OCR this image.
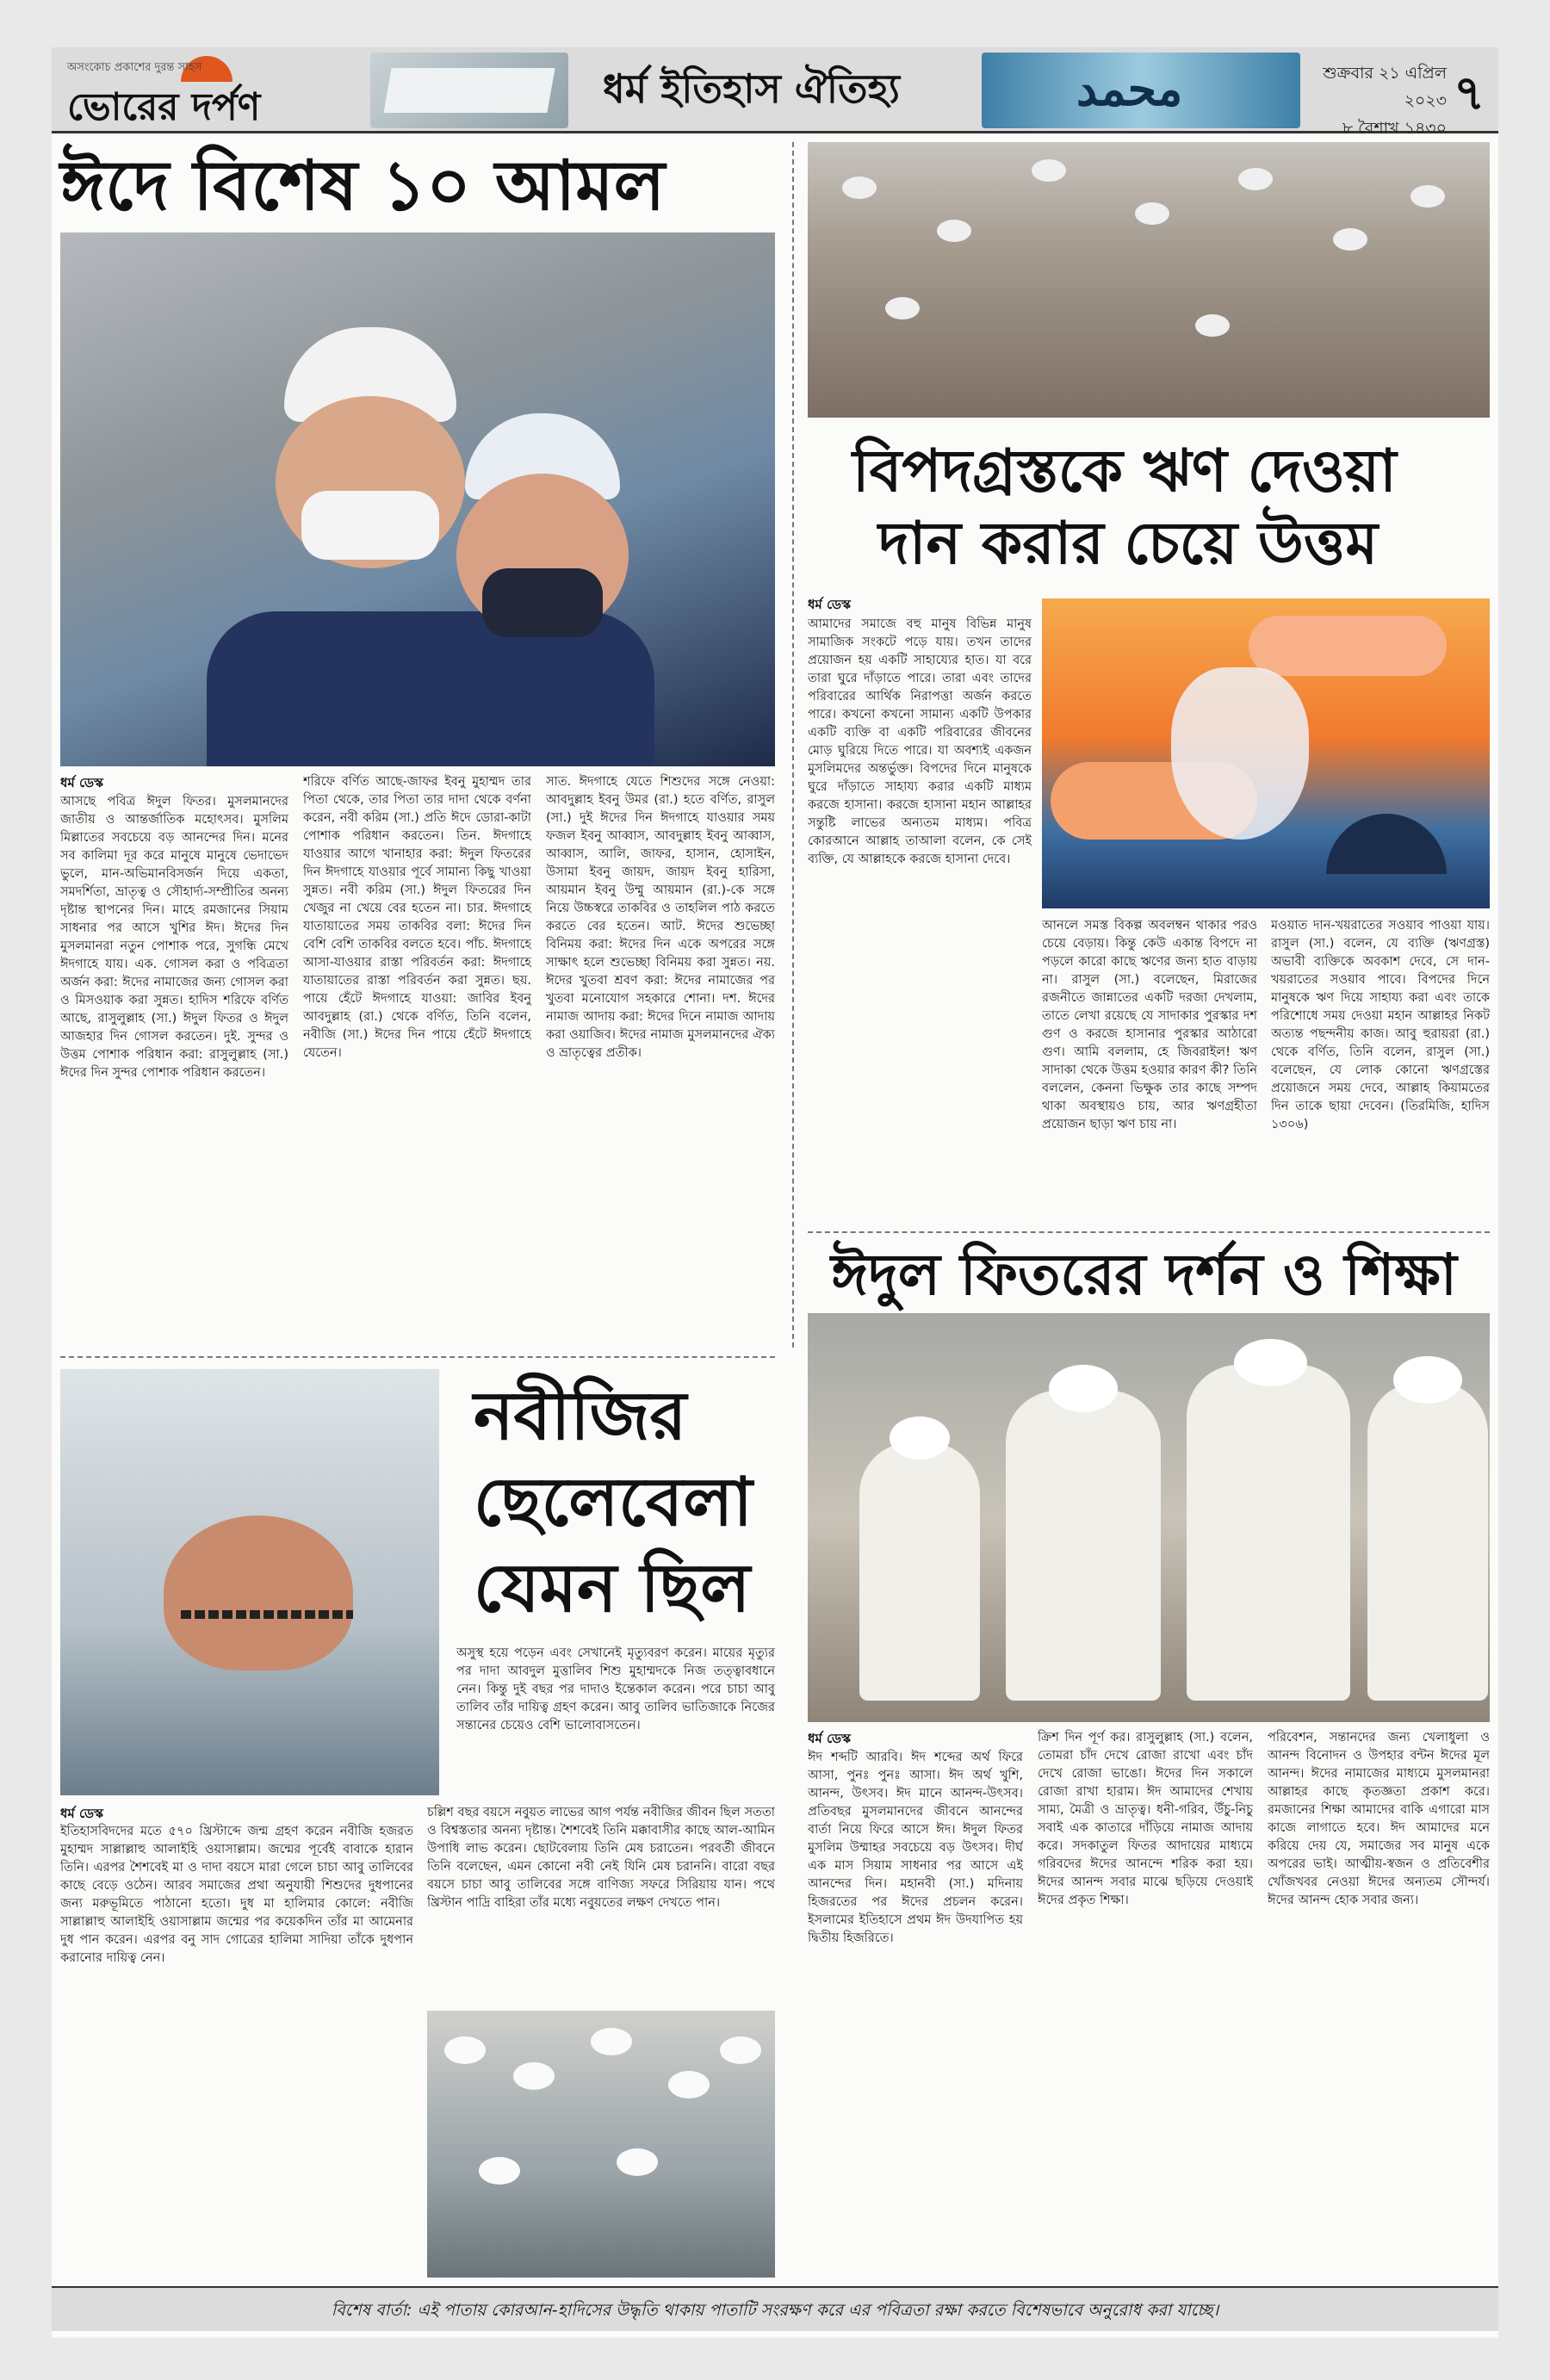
অসংকোচ প্রকাশের দুরন্ত সাহস
ভোরের দর্পণ	ধর্ম ইতিহাস ঐতিহ্য	محمد	শুক্রবার ২১ এপ্রিল ২০২৩
৮ বৈশাখ ১৪৩০
৭
ঈদে বিশেষ ১০ আমল
ধর্ম ডেস্ক
আসছে পবিত্র ঈদুল ফিতর। মুসলমানদের জাতীয় ও আন্তর্জাতিক মহোৎসব। মুসলিম মিল্লাতের সবচেয়ে বড় আনন্দের দিন। মনের সব কালিমা দূর করে মানুষে মানুষে ভেদাভেদ ভুলে, মান-অভিমানবিসর্জন দিয়ে একতা, সমদর্শিতা, ভ্রাতৃত্ব ও সৌহার্দ্য-সম্প্রীতির অনন্য দৃষ্টান্ত স্থাপনের দিন। মাহে রমজানের সিয়াম সাধনার পর আসে খুশির ঈদ। ঈদের দিন মুসলমানরা নতুন পোশাক পরে, সুগন্ধি মেখে ঈদগাহে যায়। এক. গোসল করা ও পবিত্রতা অর্জন করা: ঈদের নামাজের জন্য গোসল করা ও মিসওয়াক করা সুন্নত। হাদিস শরিফে বর্ণিত আছে, রাসুলুল্লাহ (সা.) ঈদুল ফিতর ও ঈদুল আজহার দিন গোসল করতেন। দুই. সুন্দর ও উত্তম পোশাক পরিধান করা: রাসুলুল্লাহ (সা.) ঈদের দিন সুন্দর পোশাক পরিধান করতেন।
শরিফে বর্ণিত আছে-জাফর ইবনু মুহাম্মদ তার পিতা থেকে, তার পিতা তার দাদা থেকে বর্ণনা করেন, নবী করিম (সা.) প্রতি ঈদে ডোরা-কাটা পোশাক পরিধান করতেন। তিন. ঈদগাহে যাওয়ার আগে খানাহার করা: ঈদুল ফিতরের দিন ঈদগাহে যাওয়ার পূর্বে সামান্য কিছু খাওয়া সুন্নত। নবী করিম (সা.) ঈদুল ফিতরের দিন খেজুর না খেয়ে বের হতেন না। চার. ঈদগাহে যাতায়াতের সময় তাকবির বলা: ঈদের দিন বেশি বেশি তাকবির বলতে হবে। পাঁচ. ঈদগাহে আসা-যাওয়ার রাস্তা পরিবর্তন করা: ঈদগাহে যাতায়াতের রাস্তা পরিবর্তন করা সুন্নত। ছয়. পায়ে হেঁটে ঈদগাহে যাওয়া: জাবির ইবনু আবদুল্লাহ (রা.) থেকে বর্ণিত, তিনি বলেন, নবীজি (সা.) ঈদের দিন পায়ে হেঁটে ঈদগাহে যেতেন।
সাত. ঈদগাহে যেতে শিশুদের সঙ্গে নেওয়া: আবদুল্লাহ ইবনু উমর (রা.) হতে বর্ণিত, রাসুল (সা.) দুই ঈদের দিন ঈদগাহে যাওয়ার সময় ফজল ইবনু আব্বাস, আবদুল্লাহ ইবনু আব্বাস, আব্বাস, আলি, জাফর, হাসান, হোসাইন, উসামা ইবনু জায়দ, জায়দ ইবনু হারিসা, আয়মান ইবনু উম্মু আয়মান (রা.)-কে সঙ্গে নিয়ে উচ্চস্বরে তাকবির ও তাহলিল পাঠ করতে করতে বের হতেন। আট. ঈদের শুভেচ্ছা বিনিময় করা: ঈদের দিন একে অপরের সঙ্গে সাক্ষাৎ হলে শুভেচ্ছা বিনিময় করা সুন্নত। নয়. ঈদের খুতবা শ্রবণ করা: ঈদের নামাজের পর খুতবা মনোযোগ সহকারে শোনা। দশ. ঈদের নামাজ আদায় করা: ঈদের দিনে নামাজ আদায় করা ওয়াজিব। ঈদের নামাজ মুসলমানদের ঐক্য ও ভ্রাতৃত্বের প্রতীক।
বিপদগ্রস্তকে ঋণ দেওয়া
দান করার চেয়ে উত্তম
ধর্ম ডেস্ক
আমাদের সমাজে বহু মানুষ বিভিন্ন মানুষ সামাজিক সংকটে পড়ে যায়। তখন তাদের প্রয়োজন হয় একটি সাহায্যের হাত। যা বরে তারা ঘুরে দাঁড়াতে পারে। তারা এবং তাদের পরিবারের আর্থিক নিরাপত্তা অর্জন করতে পারে। কখনো কখনো সামান্য একটি উপকার একটি ব্যক্তি বা একটি পরিবারের জীবনের মোড় ঘুরিয়ে দিতে পারে। যা অবশ্যই একজন মুসলিমদের অন্তর্ভুক্ত। বিপদের দিনে মানুষকে ঘুরে দাঁড়াতে সাহায্য করার একটি মাধ্যম করজে হাসানা। করজে হাসানা মহান আল্লাহর সন্তুষ্টি লাভের অন্যতম মাধ্যম। পবিত্র কোরআনে আল্লাহ তাআলা বলেন, কে সেই ব্যক্তি, যে আল্লাহকে করজে হাসানা দেবে।
আনলে সমস্ত বিকল্প অবলম্বন থাকার পরও চেয়ে বেড়ায়। কিন্তু কেউ একান্ত বিপদে না পড়লে কারো কাছে ঋণের জন্য হাত বাড়ায় না। রাসুল (সা.) বলেছেন, মিরাজের রজনীতে জান্নাতের একটি দরজা দেখলাম, তাতে লেখা রয়েছে যে সাদাকার পুরস্কার দশ গুণ ও করজে হাসানার পুরস্কার আঠারো গুণ। আমি বললাম, হে জিবরাইল! ঋণ সাদাকা থেকে উত্তম হওয়ার কারণ কী? তিনি বললেন, কেননা ভিক্ষুক তার কাছে সম্পদ থাকা অবস্থায়ও চায়, আর ঋণগ্রহীতা প্রয়োজন ছাড়া ঋণ চায় না।
মওয়াত দান-খয়রাতের সওয়াব পাওয়া যায়। রাসুল (সা.) বলেন, যে ব্যক্তি (ঋণগ্রস্ত) অভাবী ব্যক্তিকে অবকাশ দেবে, সে দান-খয়রাতের সওয়াব পাবে। বিপদের দিনে মানুষকে ঋণ দিয়ে সাহায্য করা এবং তাকে পরিশোধে সময় দেওয়া মহান আল্লাহর নিকট অত্যন্ত পছন্দনীয় কাজ। আবু হুরায়রা (রা.) থেকে বর্ণিত, তিনি বলেন, রাসুল (সা.) বলেছেন, যে লোক কোনো ঋণগ্রস্তের প্রয়োজনে সময় দেবে, আল্লাহ কিয়ামতের দিন তাকে ছায়া দেবেন। (তিরমিজি, হাদিস ১৩০৬)
ঈদুল ফিতরের দর্শন ও শিক্ষা
ধর্ম ডেস্ক
ঈদ শব্দটি আরবি। ঈদ শব্দের অর্থ ফিরে আসা, পুনঃ পুনঃ আসা। ঈদ অর্থ খুশি, আনন্দ, উৎসব। ঈদ মানে আনন্দ-উৎসব। প্রতিবছর মুসলমানদের জীবনে আনন্দের বার্তা নিয়ে ফিরে আসে ঈদ। ঈদুল ফিতর মুসলিম উম্মাহর সবচেয়ে বড় উৎসব। দীর্ঘ এক মাস সিয়াম সাধনার পর আসে এই আনন্দের দিন। মহানবী (সা.) মদিনায় হিজরতের পর ঈদের প্রচলন করেন। ইসলামের ইতিহাসে প্রথম ঈদ উদযাপিত হয় দ্বিতীয় হিজরিতে।
ক্রিশ দিন পূর্ণ কর। রাসুলুল্লাহ (সা.) বলেন, তোমরা চাঁদ দেখে রোজা রাখো এবং চাঁদ দেখে রোজা ভাঙো। ঈদের দিন সকালে রোজা রাখা হারাম। ঈদ আমাদের শেখায় সাম্য, মৈত্রী ও ভ্রাতৃত্ব। ধনী-গরিব, উঁচু-নিচু সবাই এক কাতারে দাঁড়িয়ে নামাজ আদায় করে। সদকাতুল ফিতর আদায়ের মাধ্যমে গরিবদের ঈদের আনন্দে শরিক করা হয়। ঈদের আনন্দ সবার মাঝে ছড়িয়ে দেওয়াই ঈদের প্রকৃত শিক্ষা।
পরিবেশন, সন্তানদের জন্য খেলাধুলা ও আনন্দ বিনোদন ও উপহার বন্টন ঈদের মূল আনন্দ। ঈদের নামাজের মাধ্যমে মুসলমানরা আল্লাহর কাছে কৃতজ্ঞতা প্রকাশ করে। রমজানের শিক্ষা আমাদের বাকি এগারো মাস কাজে লাগাতে হবে। ঈদ আমাদের মনে করিয়ে দেয় যে, সমাজের সব মানুষ একে অপরের ভাই। আত্মীয়-স্বজন ও প্রতিবেশীর খোঁজখবর নেওয়া ঈদের অন্যতম সৌন্দর্য। ঈদের আনন্দ হোক সবার জন্য।
নবীজির
ছেলেবেলা
যেমন ছিল
অসুস্থ হয়ে পড়েন এবং সেখানেই মৃত্যুবরণ করেন। মায়ের মৃত্যুর পর দাদা আবদুল মুত্তালিব শিশু মুহাম্মদকে নিজ তত্ত্বাবধানে নেন। কিন্তু দুই বছর পর দাদাও ইন্তেকাল করেন। পরে চাচা আবু তালিব তাঁর দায়িত্ব গ্রহণ করেন। আবু তালিব ভাতিজাকে নিজের সন্তানের চেয়েও বেশি ভালোবাসতেন।
ধর্ম ডেস্ক
ইতিহাসবিদদের মতে ৫৭০ খ্রিস্টাব্দে জন্ম গ্রহণ করেন নবীজি হজরত মুহাম্মদ সাল্লাল্লাহু আলাইহি ওয়াসাল্লাম। জন্মের পূর্বেই বাবাকে হারান তিনি। এরপর শৈশবেই মা ও দাদা বয়সে মারা গেলে চাচা আবু তালিবের কাছে বেড়ে ওঠেন। আরব সমাজের প্রথা অনুযায়ী শিশুদের দুধপানের জন্য মরুভূমিতে পাঠানো হতো। দুধ মা হালিমার কোলে: নবীজি সাল্লাল্লাহু আলাইহি ওয়াসাল্লাম জন্মের পর কয়েকদিন তাঁর মা আমেনার দুধ পান করেন। এরপর বনু সাদ গোত্রের হালিমা সাদিয়া তাঁকে দুধপান করানোর দায়িত্ব নেন।
চল্লিশ বছর বয়সে নবুয়ত লাভের আগ পর্যন্ত নবীজির জীবন ছিল সততা ও বিশ্বস্ততার অনন্য দৃষ্টান্ত। শৈশবেই তিনি মক্কাবাসীর কাছে আল-আমিন উপাধি লাভ করেন। ছোটবেলায় তিনি মেষ চরাতেন। পরবর্তী জীবনে তিনি বলেছেন, এমন কোনো নবী নেই যিনি মেষ চরাননি। বারো বছর বয়সে চাচা আবু তালিবের সঙ্গে বাণিজ্য সফরে সিরিয়ায় যান। পথে খ্রিস্টান পাদ্রি বাহিরা তাঁর মধ্যে নবুয়তের লক্ষণ দেখতে পান।
বিশেষ বার্তা: এই পাতায় কোরআন-হাদিসের উদ্ধৃতি থাকায় পাতাটি সংরক্ষণ করে এর পবিত্রতা রক্ষা করতে বিশেষভাবে অনুরোধ করা যাচ্ছে।
